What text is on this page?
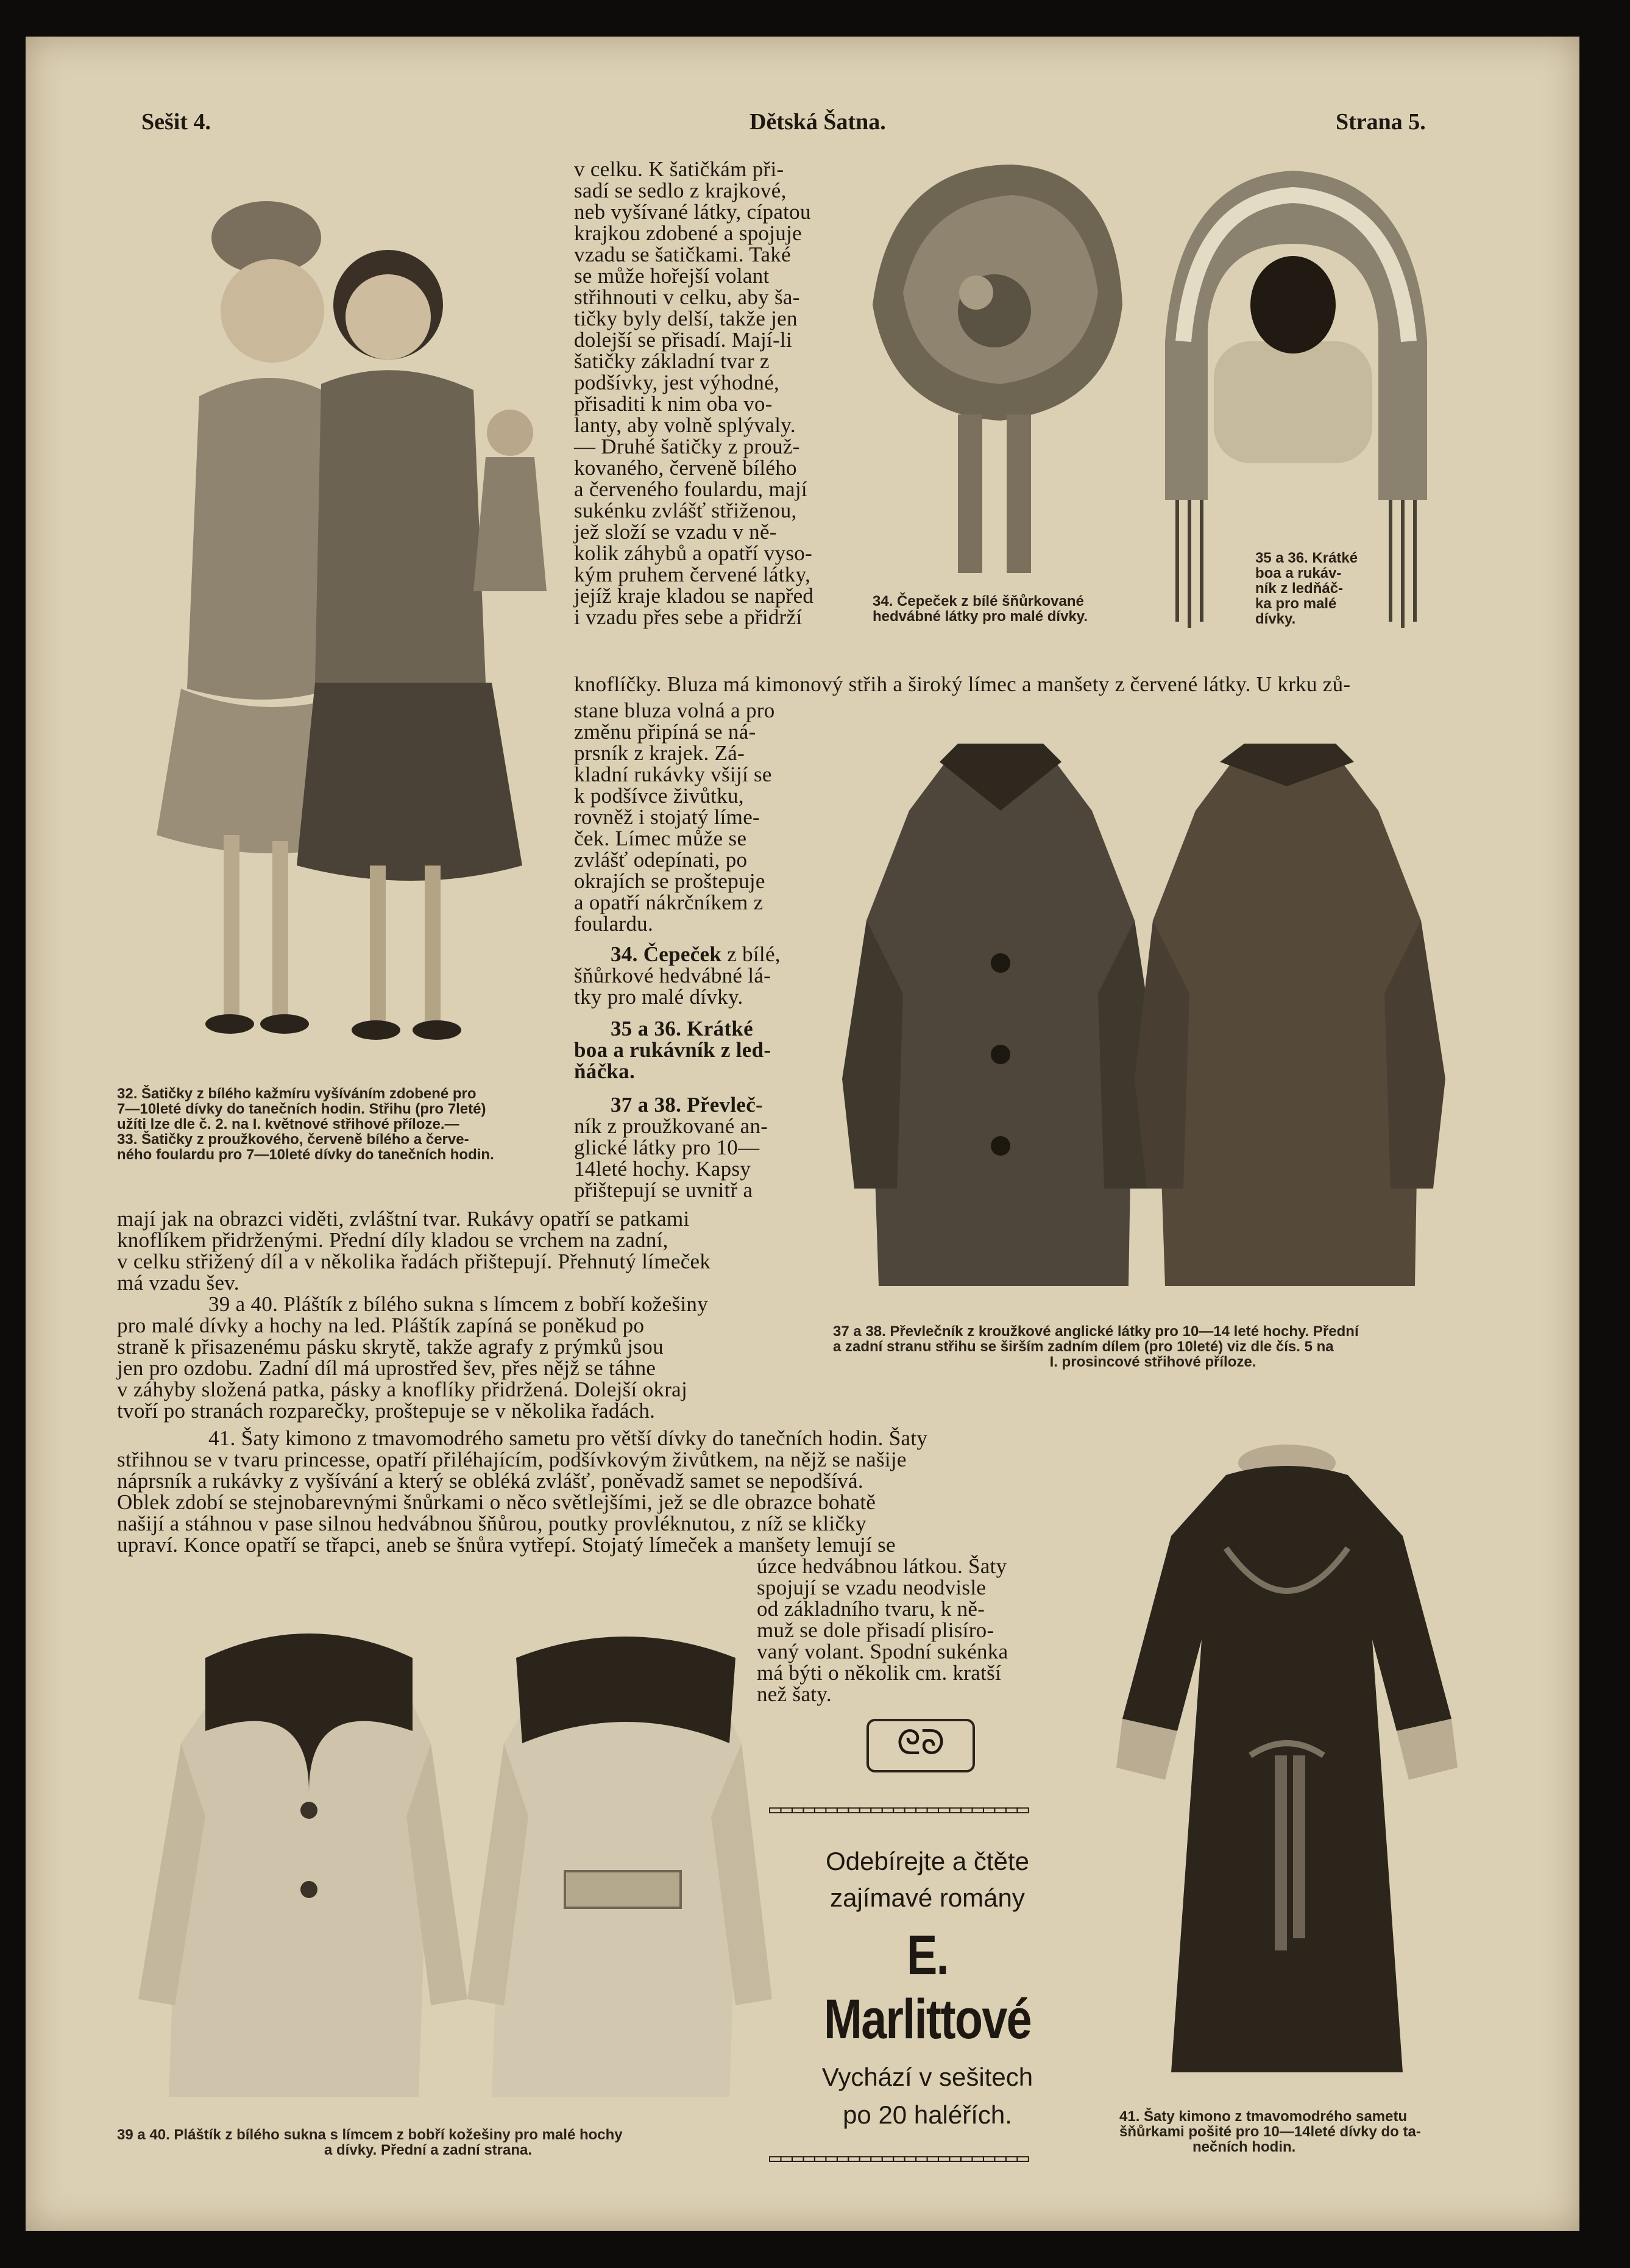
Sešit 4.	Dětská Šatna.	Strana 5.
32. Šatičky z bílého kažmíru vyšíváním zdobené pro
7—10leté dívky do tanečních hodin. Střihu (pro 7leté)
užíti lze dle č. 2. na I. květnové střihové příloze.—
33. Šatičky z proužkového, červeně bílého a červe-
ného foulardu pro 7—10leté dívky do tanečních hodin.
v celku. K šatičkám při-
sadí se sedlo z krajkové,
neb vyšívané látky, cípatou
krajkou zdobené a spojuje
vzadu se šatičkami. Také
se může hořejší volant
střihnouti v celku, aby ša-
tičky byly delší, takže jen
dolejší se přisadí. Mají-li
šatičky základní tvar z
podšívky, jest výhodné,
přisaditi k nim oba vo-
lanty, aby volně splývaly.
— Druhé šatičky z prouž-
kovaného, červeně bílého
a červeného foulardu, mají
sukénku zvlášť střiženou,
jež složí se vzadu v ně-
kolik záhybů a opatří vyso-
kým pruhem červené látky,
jejíž kraje kladou se napřed
i vzadu přes sebe a přidrží
34. Čepeček z bílé šňůrkované
hedvábné látky pro malé dívky.
35 a 36. Krátké
boa a rukáv-
ník z ledňáč-
ka pro malé
dívky.
knoflíčky. Bluza má kimonový střih a široký límec a manšety z červené látky. U krku zů-
stane bluza volná a pro
změnu připíná se ná-
prsník z krajek. Zá-
kladní rukávky všijí se
k podšívce živůtku,
rovněž i stojatý líme-
ček. Límec může se
zvlášť odepínati, po
okrajích se proštepuje
a opatří nákrčníkem z
foulardu.
34. Čepeček z bílé,
šňůrkové hedvábné lá-
tky pro malé dívky.
35 a 36. Krátké
boa a rukávník z led-
ňáčka.
37 a 38. Převleč-
ník z proužkované an-
glické látky pro 10—
14leté hochy. Kapsy
přištepují se uvnitř a
37 a 38. Převlečník z kroužkové anglické látky pro 10—14 leté hochy. Přední
a zadní stranu střihu se širším zadním dílem (pro 10leté) viz dle čís. 5 na
I. prosincové střihové příloze.
mají jak na obrazci viděti, zvláštní tvar. Rukávy opatří se patkami
knoflíkem přidrženými. Přední díly kladou se vrchem na zadní,
v celku střižený díl a v několika řadách přištepují. Přehnutý límeček
má vzadu šev.
39 a 40. Pláštík z bílého sukna s límcem z bobří kožešiny
pro malé dívky a hochy na led. Pláštík zapíná se poněkud po
straně k přisazenému pásku skrytě, takže agrafy z prýmků jsou
jen pro ozdobu. Zadní díl má uprostřed šev, přes nějž se táhne
v záhyby složená patka, pásky a knoflíky přidržená. Dolejší okraj
tvoří po stranách rozparečky, proštepuje se v několika řadách.
41. Šaty kimono z tmavomodrého sametu pro větší dívky do tanečních hodin. Šaty
střihnou se v tvaru princesse, opatří přiléhajícím, podšívkovým živůtkem, na nějž se našije
náprsník a rukávky z vyšívání a který se obléká zvlášť, poněvadž samet se nepodšívá.
Oblek zdobí se stejnobarevnými šnůrkami o něco světlejšími, jež se dle obrazce bohatě
našijí a stáhnou v pase silnou hedvábnou šňůrou, poutky provléknutou, z níž se kličky
upraví. Konce opatří se třapci, aneb se šnůra vytřepí. Stojatý límeček a manšety lemují se
úzce hedvábnou látkou. Šaty
spojují se vzadu neodvisle
od základního tvaru, k ně-
muž se dole přisadí plisíro-
vaný volant. Spodní sukénka
má býti o několik cm. kratší
než šaty.
41. Šaty kimono z tmavomodrého sametu
šňůrkami pošité pro 10—14leté dívky do ta-
nečních hodin.
39 a 40. Pláštík z bílého sukna s límcem z bobří kožešiny pro malé hochy
a dívky. Přední a zadní strana.
ᘓᘐ
▭▭▭▭▭▭▭▭▭▭▭▭▭▭▭▭▭▭▭▭▭▭▭
Odebírejte a čtěte
zajímavé romány
E. Marlittové
Vychází v sešitech
po 20 haléřích.
▭▭▭▭▭▭▭▭▭▭▭▭▭▭▭▭▭▭▭▭▭▭▭
